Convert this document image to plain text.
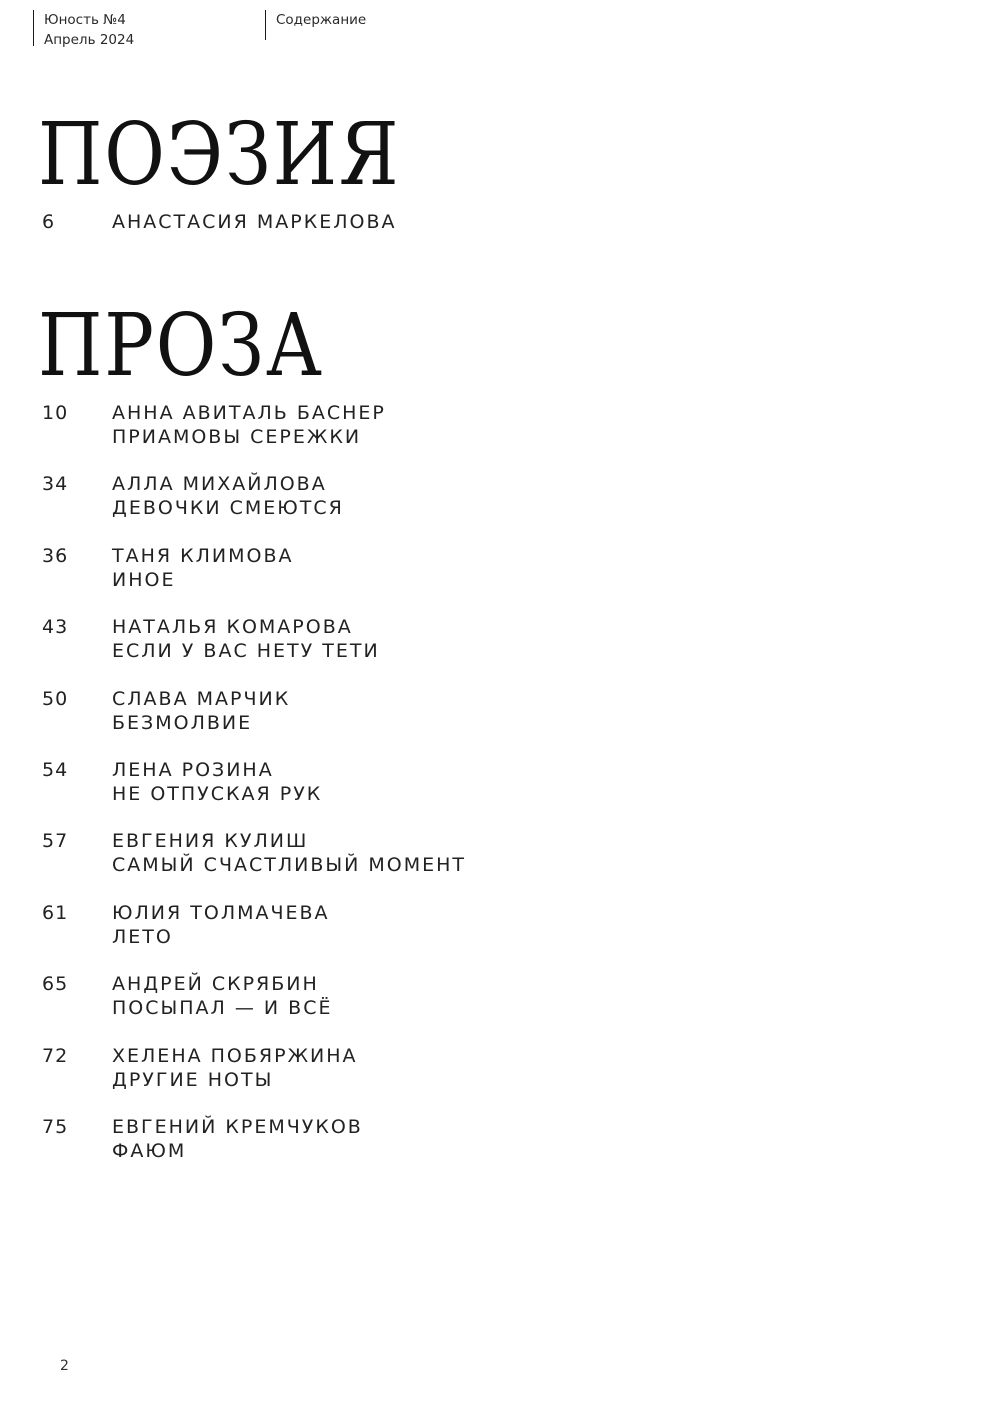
Юность №4
Апрель 2024
Содержание
ПОЭЗИЯ
6	АНАСТАСИЯ МАРКЕЛОВА
ПРОЗА
10	АННА АВИТАЛЬ БАСНЕР
ПРИАМОВЫ СЕРЕЖКИ
34	АЛЛА МИХАЙЛОВА
ДЕВОЧКИ СМЕЮТСЯ
36	ТАНЯ КЛИМОВА
ИНОЕ
43	НАТАЛЬЯ КОМАРОВА
ЕСЛИ У ВАС НЕТУ ТЕТИ
50	СЛАВА МАРЧИК
БЕЗМОЛВИЕ
54	ЛЕНА РОЗИНА
НЕ ОТПУСКАЯ РУК
57	ЕВГЕНИЯ КУЛИШ
САМЫЙ СЧАСТЛИВЫЙ МОМЕНТ
61	ЮЛИЯ ТОЛМАЧЕВА
ЛЕТО
65	АНДРЕЙ СКРЯБИН
ПОСЫПАЛ — И ВСЁ
72	ХЕЛЕНА ПОБЯРЖИНА
ДРУГИЕ НОТЫ
75	ЕВГЕНИЙ КРЕМЧУКОВ
ФАЮМ
2
